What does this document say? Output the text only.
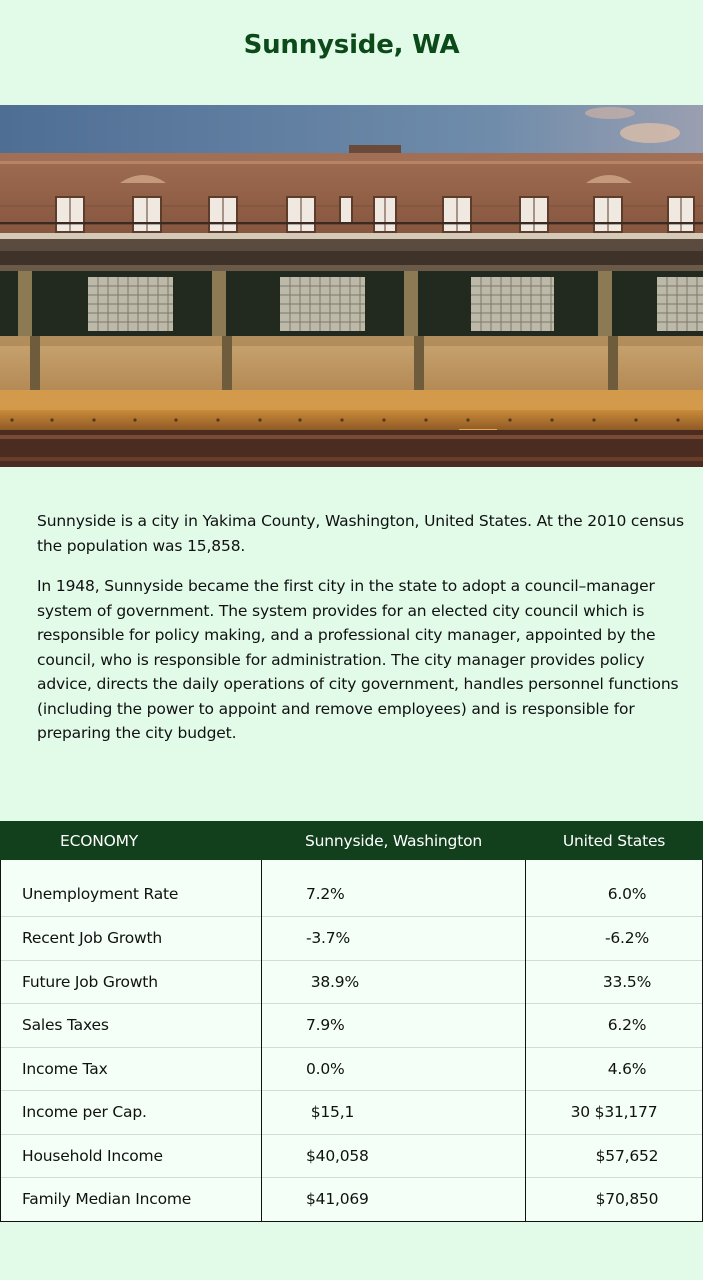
Sunnyside, WA

Sunnyside is a city in Yakima County, Washington, United States. At the 2010 census the population was 15,858.

In 1948, Sunnyside became the first city in the state to adopt a council–manager system of government. The system provides for an elected city council which is responsible for policy making, and a professional city manager, appointed by the council, who is responsible for administration. The city manager provides policy advice, directs the daily operations of city government, handles personnel functions (including the power to appoint and remove employees) and is responsible for preparing the city budget.

ECONOMY	Sunnyside, Washington	United States
Unemployment Rate	7.2%	6.0%
Recent Job Growth	-3.7%	-6.2%
Future Job Growth	38.9%	33.5%
Sales Taxes	7.9%	6.2%
Income Tax	0.0%	4.6%
Income per Cap.	$15,1	30 $31,177
Household Income	$40,058	$57,652
Family Median Income	$41,069	$70,850
